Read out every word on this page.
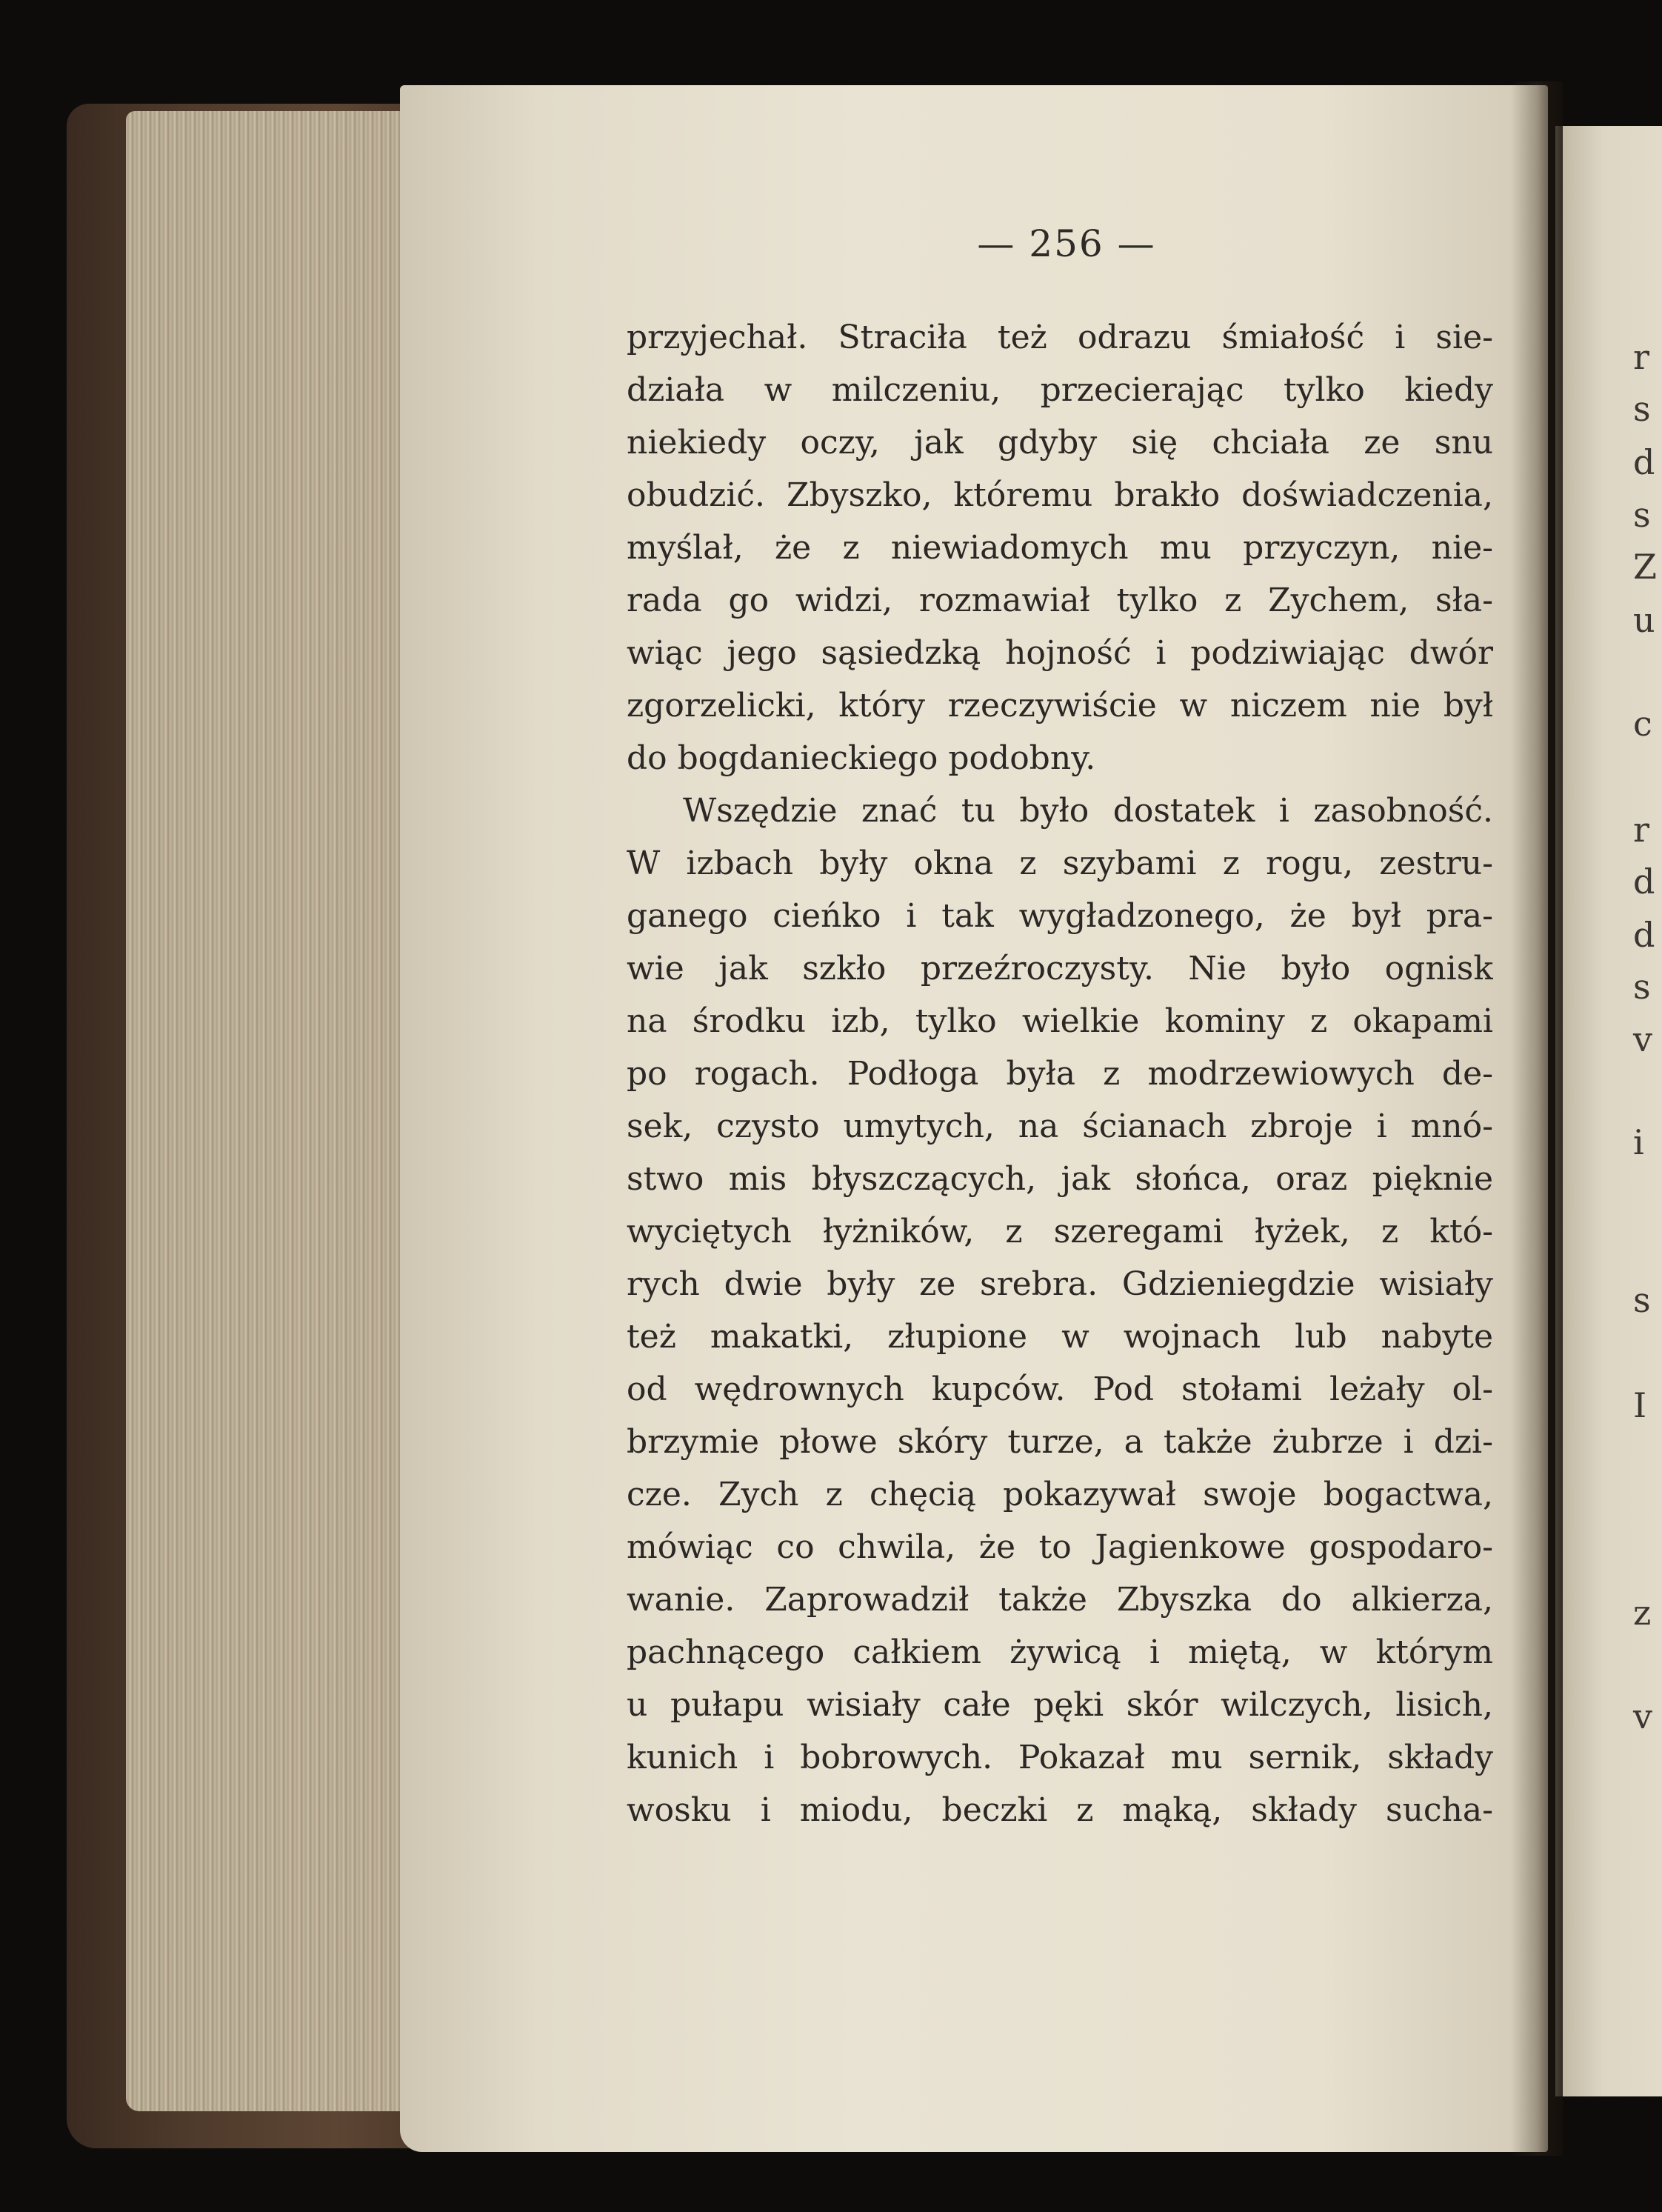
— 256 —
przyjechał. Straciła też odrazu śmiałość i sie-
działa w milczeniu, przecierając tylko kiedy
niekiedy oczy, jak gdyby się chciała ze snu
obudzić. Zbyszko, któremu brakło doświadczenia,
myślał, że z niewiadomych mu przyczyn, nie-
rada go widzi, rozmawiał tylko z Zychem, sła-
wiąc jego sąsiedzką hojność i podziwiając dwór
zgorzelicki, który rzeczywiście w niczem nie był
do bogdanieckiego podobny.
Wszędzie znać tu było dostatek i zasobność.
W izbach były okna z szybami z rogu, zestru-
ganego cieńko i tak wygładzonego, że był pra-
wie jak szkło przeźroczysty. Nie było ognisk
na środku izb, tylko wielkie kominy z okapami
po rogach. Podłoga była z modrzewiowych de-
sek, czysto umytych, na ścianach zbroje i mnó-
stwo mis błyszczących, jak słońca, oraz pięknie
wyciętych łyżników, z szeregami łyżek, z któ-
rych dwie były ze srebra. Gdzieniegdzie wisiały
też makatki, złupione w wojnach lub nabyte
od wędrownych kupców. Pod stołami leżały ol-
brzymie płowe skóry turze, a także żubrze i dzi-
cze. Zych z chęcią pokazywał swoje bogactwa,
mówiąc co chwila, że to Jagienkowe gospodaro-
wanie. Zaprowadził także Zbyszka do alkierza,
pachnącego całkiem żywicą i miętą, w którym
u pułapu wisiały całe pęki skór wilczych, lisich,
kunich i bobrowych. Pokazał mu sernik, składy
wosku i miodu, beczki z mąką, składy sucha-
r
s
d
s
Z
u
c
r
d
d
s
v
i
s
I
z
v
